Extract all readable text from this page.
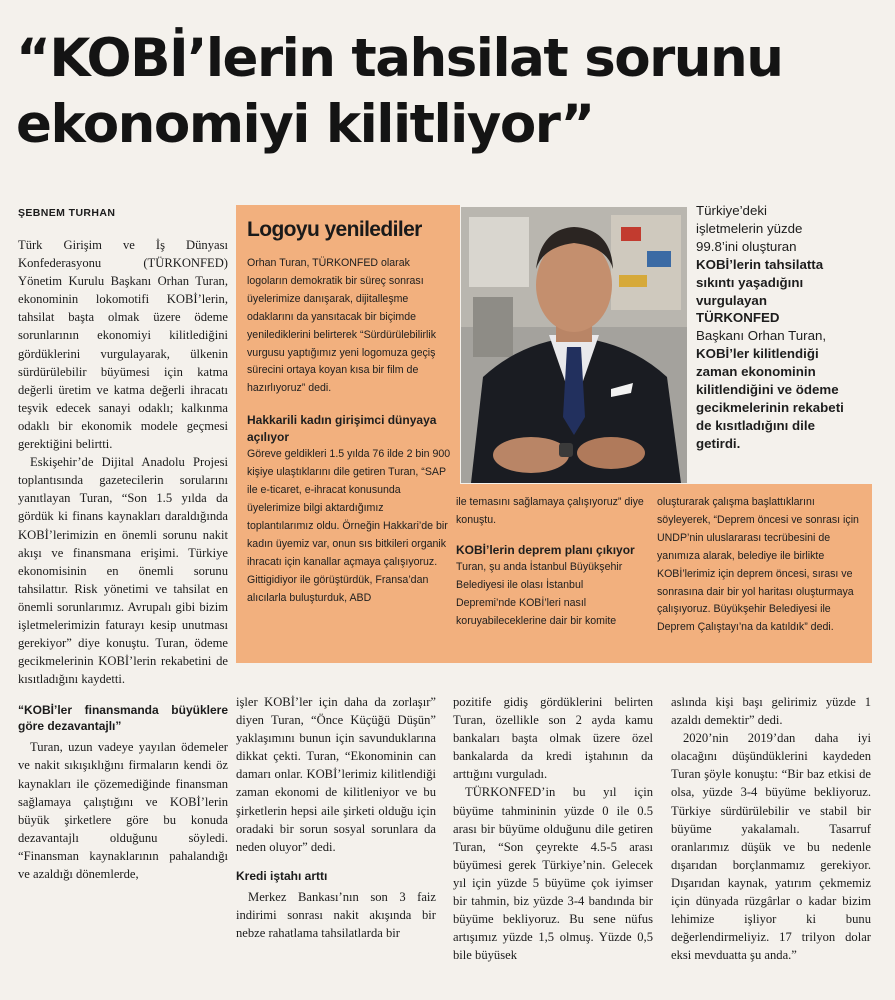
“KOBİ’lerin tahsilat sorunu
ekonomiyi kilitliyor”
ŞEBNEM TURHAN

Türk Girişim ve İş Dünyası Konfederasyonu (TÜRKONFED) Yönetim Kurulu Başkanı Orhan Turan, ekonominin lokomotifi KOBİ’lerin, tahsilat başta olmak üzere ödeme sorunlarının ekonomiyi kilitlediğini gördüklerini vurgulayarak, ülkenin sürdürülebilir büyümesi için katma değerli üretim ve katma değerli ihracatı teşvik edecek sanayi odaklı; kalkınma odaklı bir ekonomik modele geçmesi gerektiğini belirtti.

Eskişehir’de Dijital Anadolu Projesi toplantısında gazetecilerin sorularını yanıtlayan Turan, “Son 1.5 yılda da gördük ki finans kaynakları daraldığında KOBİ’lerimizin en önemli sorunu nakit akışı ve finansmana erişimi. Türkiye ekonomisinin en önemli sorunu tahsilattır. Risk yönetimi ve tahsilat en önemli sorunlarımız. Avrupalı gibi bizim işletmelerimizin faturayı kesip unutması gerekiyor” diye konuştu. Turan, ödeme gecikmelerinin KOBİ’lerin rekabetini de kısıtladığını kaydetti.

“KOBİ’ler finansmanda büyüklere göre dezavantajlı”

Turan, uzun vadeye yayılan ödemeler ve nakit sıkışıklığını firmaların kendi öz kaynakları ile çözemediğinde finansman sağlamaya çalıştığını ve KOBİ’lerin büyük şirketlere göre bu konuda dezavantajlı olduğunu söyledi. “Finansman kaynaklarının pahalandığı ve azaldığı dönemlerde,

Logoyu yenilediler

Orhan Turan, TÜRKONFED olarak logoların demokratik bir süreç sonrası üyelerimize danışarak, dijitalleşme odaklarını da yansıtacak bir biçimde yenilediklerini belirterek “Sürdürülebilirlik vurgusu yaptığımız yeni logomuza geçiş sürecini ortaya koyan kısa bir film de hazırlıyoruz” dedi.

Hakkarili kadın girişimci dünyaya açılıyor

Göreve geldikleri 1.5 yılda 76 ilde 2 bin 900 kişiye ulaştıklarını dile getiren Turan, “SAP ile e-ticaret, e-ihracat konusunda üyelerimize bilgi aktardığımız toplantılarımız oldu. Örneğin Hakkari’de bir kadın üyemiz var, onun sıs bitkileri organik ihracatı için kanallar açmaya çalışıyoruz. Gittigidiyor ile görüştürdük, Fransa’dan alıcılarla buluşturduk, ABD

ile temasını sağlamaya çalışıyoruz” diye konuştu.

KOBİ’lerin deprem planı çıkıyor

Turan, şu anda İstanbul Büyükşehir Belediyesi ile olası İstanbul Depremi’nde KOBİ’leri nasıl koruyabileceklerine dair bir komite

oluşturarak çalışma başlattıklarını söyleyerek, “Deprem öncesi ve sonrası için UNDP’nin uluslararası tecrübesini de yanımıza alarak, belediye ile birlikte KOBİ’lerimiz için deprem öncesi, sırası ve sonrasına dair bir yol haritası oluşturmaya çalışıyoruz. Büyükşehir Belediyesi ile Deprem Çalıştayı’na da katıldık” dedi.

Türkiye’deki
işletmelerin yüzde
99.8’ini oluşturan
KOBİ’lerin tahsilatta
sıkıntı yaşadığını
vurgulayan
TÜRKONFED
Başkanı Orhan Turan,
KOBİ’ler kilitlendiği
zaman ekonominin
kilitlendiğini ve ödeme
gecikmelerinin rekabeti
de kısıtladığını dile
getirdi.

işler KOBİ’ler için daha da zorlaşır” diyen Turan, “Önce Küçüğü Düşün” yaklaşımını bunun için savunduklarına dikkat çekti. Turan, “Ekonominin can damarı onlar. KOBİ’lerimiz kilitlendiği zaman ekonomi de kilitleniyor ve bu şirketlerin hepsi aile şirketi olduğu için oradaki bir sorun sosyal sorunlara da neden oluyor” dedi.

Kredi iştahı arttı

Merkez Bankası’nın son 3 faiz indirimi sonrası nakit akışında bir nebze rahatlama tahsilatlarda bir

pozitife gidiş gördüklerini belirten Turan, özellikle son 2 ayda kamu bankaları başta olmak üzere özel bankalarda da kredi iştahının da arttığını vurguladı.

TÜRKONFED’in bu yıl için büyüme tahmininin yüzde 0 ile 0.5 arası bir büyüme olduğunu dile getiren Turan, “Son çeyrekte 4.5-5 arası büyümesi gerek Türkiye’nin. Gelecek yıl için yüzde 5 büyüme çok iyimser bir tahmin, biz yüzde 3-4 bandında bir büyüme bekliyoruz. Bu sene nüfus artışımız yüzde 1,5 olmuş. Yüzde 0,5 bile büyüsek

aslında kişi başı gelirimiz yüzde 1 azaldı demektir” dedi.

2020’nin 2019’dan daha iyi olacağını düşündüklerini kaydeden Turan şöyle konuştu: “Bir baz etkisi de olsa, yüzde 3-4 büyüme bekliyoruz. Türkiye sürdürülebilir ve stabil bir büyüme yakalamalı. Tasarruf oranlarımız düşük ve bu nedenle dışarıdan borçlanmamız gerekiyor. Dışarıdan kaynak, yatırım çekmemiz için dünyada rüzgârlar o kadar bizim lehimize işliyor ki bunu değerlendirmeliyiz. 17 trilyon dolar eksi mevduatta şu anda.”
